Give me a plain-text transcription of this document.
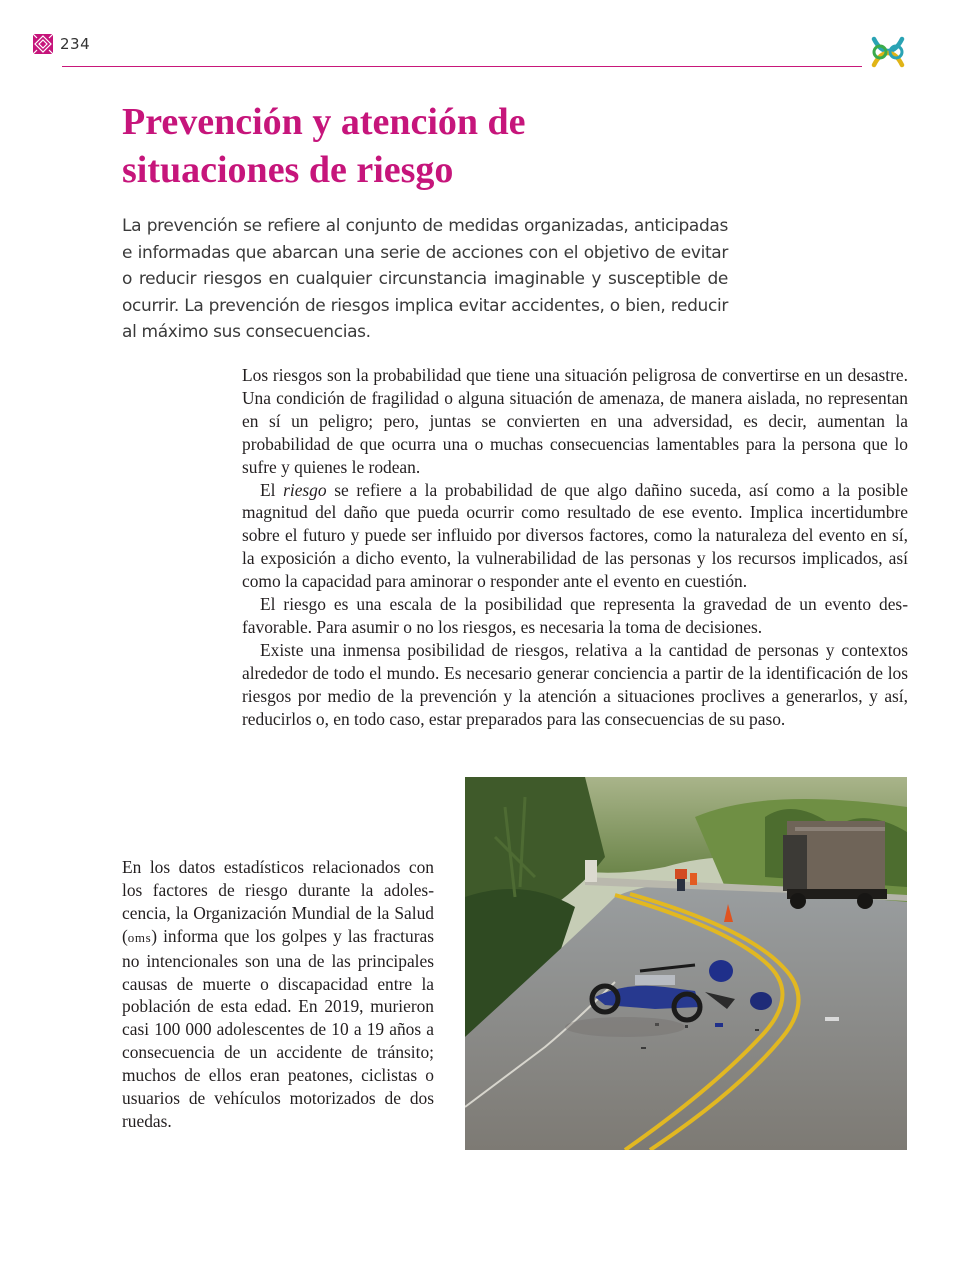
234
Prevención y atención de
situaciones de riesgo

La prevención se refiere al conjunto de medidas organizadas, anticipadas e informadas que abarcan una serie de acciones con el objetivo de evitar o reducir riesgos en cualquier circunstancia imaginable y susceptible de ocurrir. La prevención de riesgos implica evitar accidentes, o bien, reducir al máximo sus consecuencias.

Los riesgos son la probabilidad que tiene una situación peligrosa de convertirse en un desastre. Una condición de fragilidad o alguna situación de amenaza, de manera aislada, no representan en sí un peligro; pero, juntas se convierten en una adversidad, es decir, aumentan la probabilidad de que ocurra una o muchas consecuencias lamentables para la persona que lo sufre y quienes le rodean.

El riesgo se refiere a la probabilidad de que algo dañino suceda, así como a la posible magnitud del daño que pueda ocurrir como resultado de ese evento. Implica incertidumbre sobre el futuro y puede ser influido por diversos factores, como la naturaleza del evento en sí, la exposición a dicho evento, la vulnerabilidad de las personas y los recursos implicados, así como la capacidad para aminorar o responder ante el evento en cuestión.

El riesgo es una escala de la posibilidad que representa la gravedad de un evento desfavorable. Para asumir o no los riesgos, es necesaria la toma de decisiones.

Existe una inmensa posibilidad de riesgos, relativa a la cantidad de personas y contextos alrededor de todo el mundo. Es necesario generar conciencia a partir de la identificación de los riesgos por medio de la prevención y la atención a situaciones proclives a generarlos, y así, reducirlos o, en todo caso, estar preparados para las consecuencias de su paso.

En los datos estadísticos relacionados con los factores de riesgo durante la adolescencia, la Organización Mundial de la Salud (oms) informa que los golpes y las fracturas no intencionales son una de las principales causas de muerte o discapacidad entre la población de esta edad. En 2019, murieron casi 100 000 adolescentes de 10 a 19 años a consecuencia de un accidente de tránsito; muchos de ellos eran peatones, ciclistas o usuarios de vehículos motorizados de dos ruedas.
